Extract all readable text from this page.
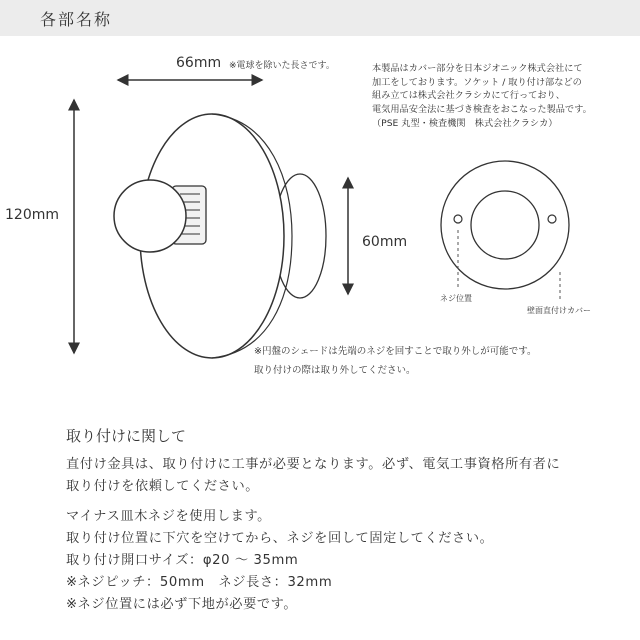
各部名称
66mm ※電球を除いた長さです。
120mm
60mm
本製品はカバー部分を日本ジオニック株式会社にて
加工をしております。ソケット / 取り付け部などの
組み立ては株式会社クラシカにて行っており、
電気用品安全法に基づき検査をおこなった製品です。
（PSE 丸型・検査機関　株式会社クラシカ）
ネジ位置
壁面直付けカバー
※円盤のシェードは先端のネジを回すことで取り外しが可能です。
取り付けの際は取り外してください。
取り付けに関して
直付け金具は、取り付けに工事が必要となります。必ず、電気工事資格所有者に
取り付けを依頼してください。
マイナス皿木ネジを使用します。
取り付け位置に下穴を空けてから、ネジを回して固定してください。
取り付け開口サイズ：φ20 ～ 35mm
※ネジピッチ：50mm　ネジ長さ：32mm
※ネジ位置には必ず下地が必要です。
